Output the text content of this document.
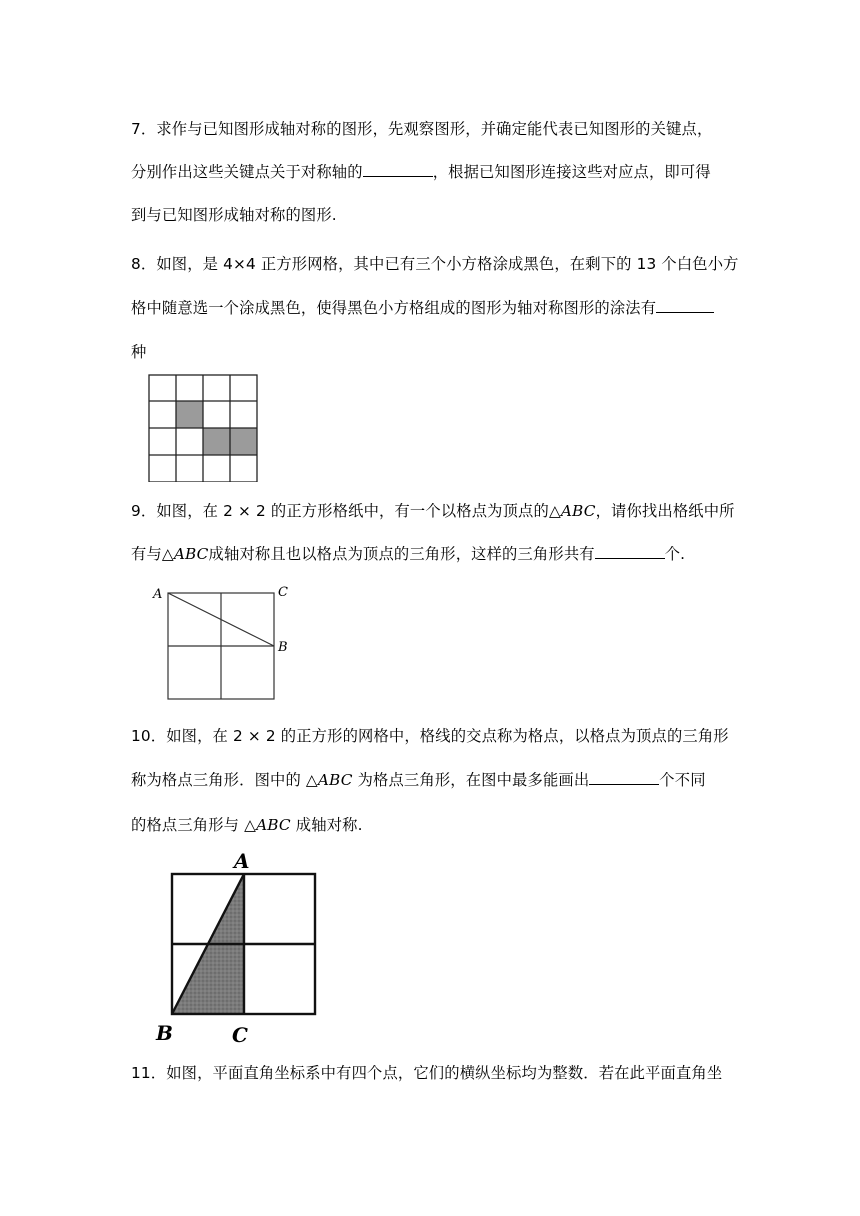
7．求作与已知图形成轴对称的图形，先观察图形，并确定能代表已知图形的关键点，
分别作出这些关键点关于对称轴的	，根据已知图形连接这些对应点，即可得
到与已知图形成轴对称的图形.
8．如图，是 4×4 正方形网格，其中已有三个小方格涂成黑色，在剩下的 13 个白色小方
格中随意选一个涂成黑色，使得黑色小方格组成的图形为轴对称图形的涂法有
种
9．如图，在 2 × 2 的正方形格纸中，有一个以格点为顶点的△ABC，请你找出格纸中所
有与△ABC成轴对称且也以格点为顶点的三角形，这样的三角形共有	个.
A	C
B
10．如图，在 2 × 2 的正方形的网格中，格线的交点称为格点，以格点为顶点的三角形
称为格点三角形．图中的 △ABC 为格点三角形，在图中最多能画出	个不同
的格点三角形与 △ABC 成轴对称.
A
B	C
11．如图，平面直角坐标系中有四个点，它们的横纵坐标均为整数．若在此平面直角坐
